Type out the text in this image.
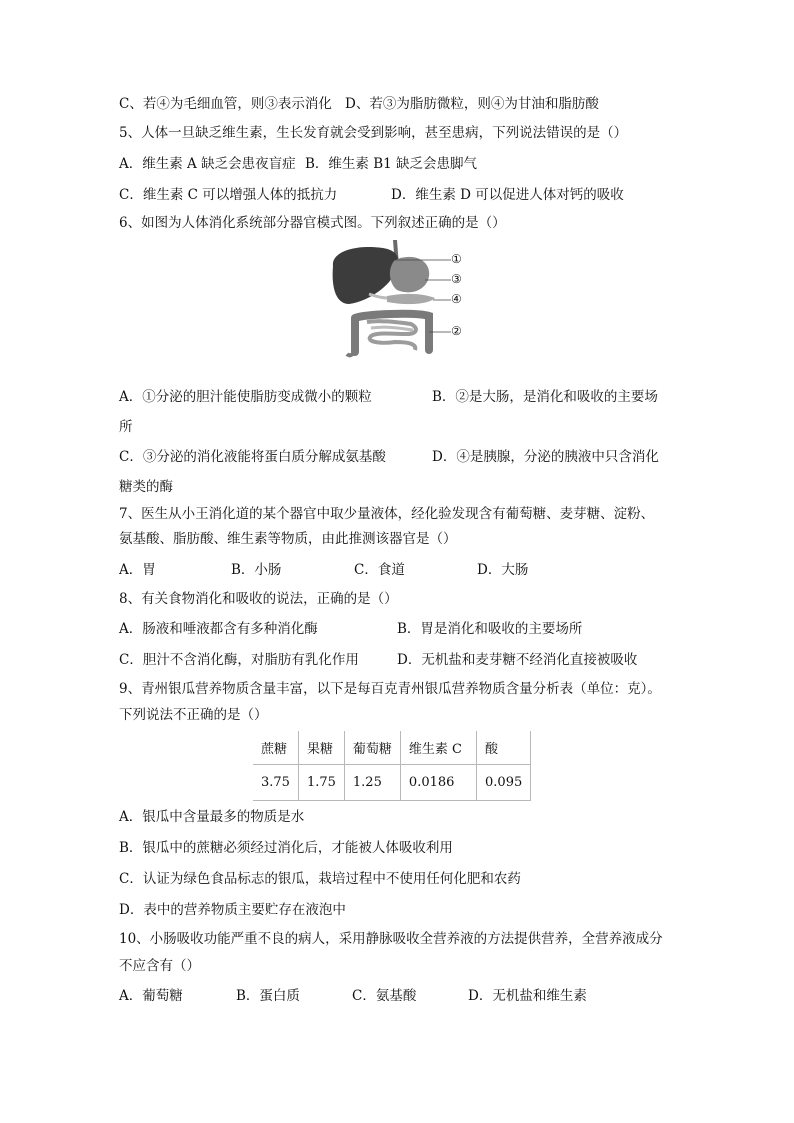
C、若④为毛细血管，则③表示消化 D、若③为脂肪微粒，则④为甘油和脂肪酸
5、人体一旦缺乏维生素，生长发育就会受到影响，甚至患病，下列说法错误的是（）
A．维生素 A 缺乏会患夜盲症 B．维生素 B1 缺乏会患脚气
C．维生素 C 可以增强人体的抵抗力	D．维生素 D 可以促进人体对钙的吸收
6、如图为人体消化系统部分器官模式图。下列叙述正确的是（）
①
③
④
②
A．①分泌的胆汁能使脂肪变成微小的颗粒	B．②是大肠，是消化和吸收的主要场
所
C．③分泌的消化液能将蛋白质分解成氨基酸	D．④是胰腺，分泌的胰液中只含消化
糖类的酶
7、医生从小王消化道的某个器官中取少量液体，经化验发现含有葡萄糖、麦芽糖、淀粉、
氨基酸、脂肪酸、维生素等物质，由此推测该器官是（）
A．胃	B．小肠	C．食道	D．大肠
8、有关食物消化和吸收的说法，正确的是（）
A．肠液和唾液都含有多种消化酶	B．胃是消化和吸收的主要场所
C．胆汁不含消化酶，对脂肪有乳化作用	D．无机盐和麦芽糖不经消化直接被吸收
9、青州银瓜营养物质含量丰富，以下是每百克青州银瓜营养物质含量分析表（单位：克）。
下列说法不正确的是（）
蔗糖	果糖	葡萄糖	维生素 C	酸
3.75	1.75	1.25	0.0186	0.095
A．银瓜中含量最多的物质是水
B．银瓜中的蔗糖必须经过消化后，才能被人体吸收利用
C．认证为绿色食品标志的银瓜，栽培过程中不使用任何化肥和农药
D．表中的营养物质主要贮存在液泡中
10、小肠吸收功能严重不良的病人，采用静脉吸收全营养液的方法提供营养，全营养液成分
不应含有（）
A．葡萄糖	B．蛋白质	C．氨基酸	D．无机盐和维生素
